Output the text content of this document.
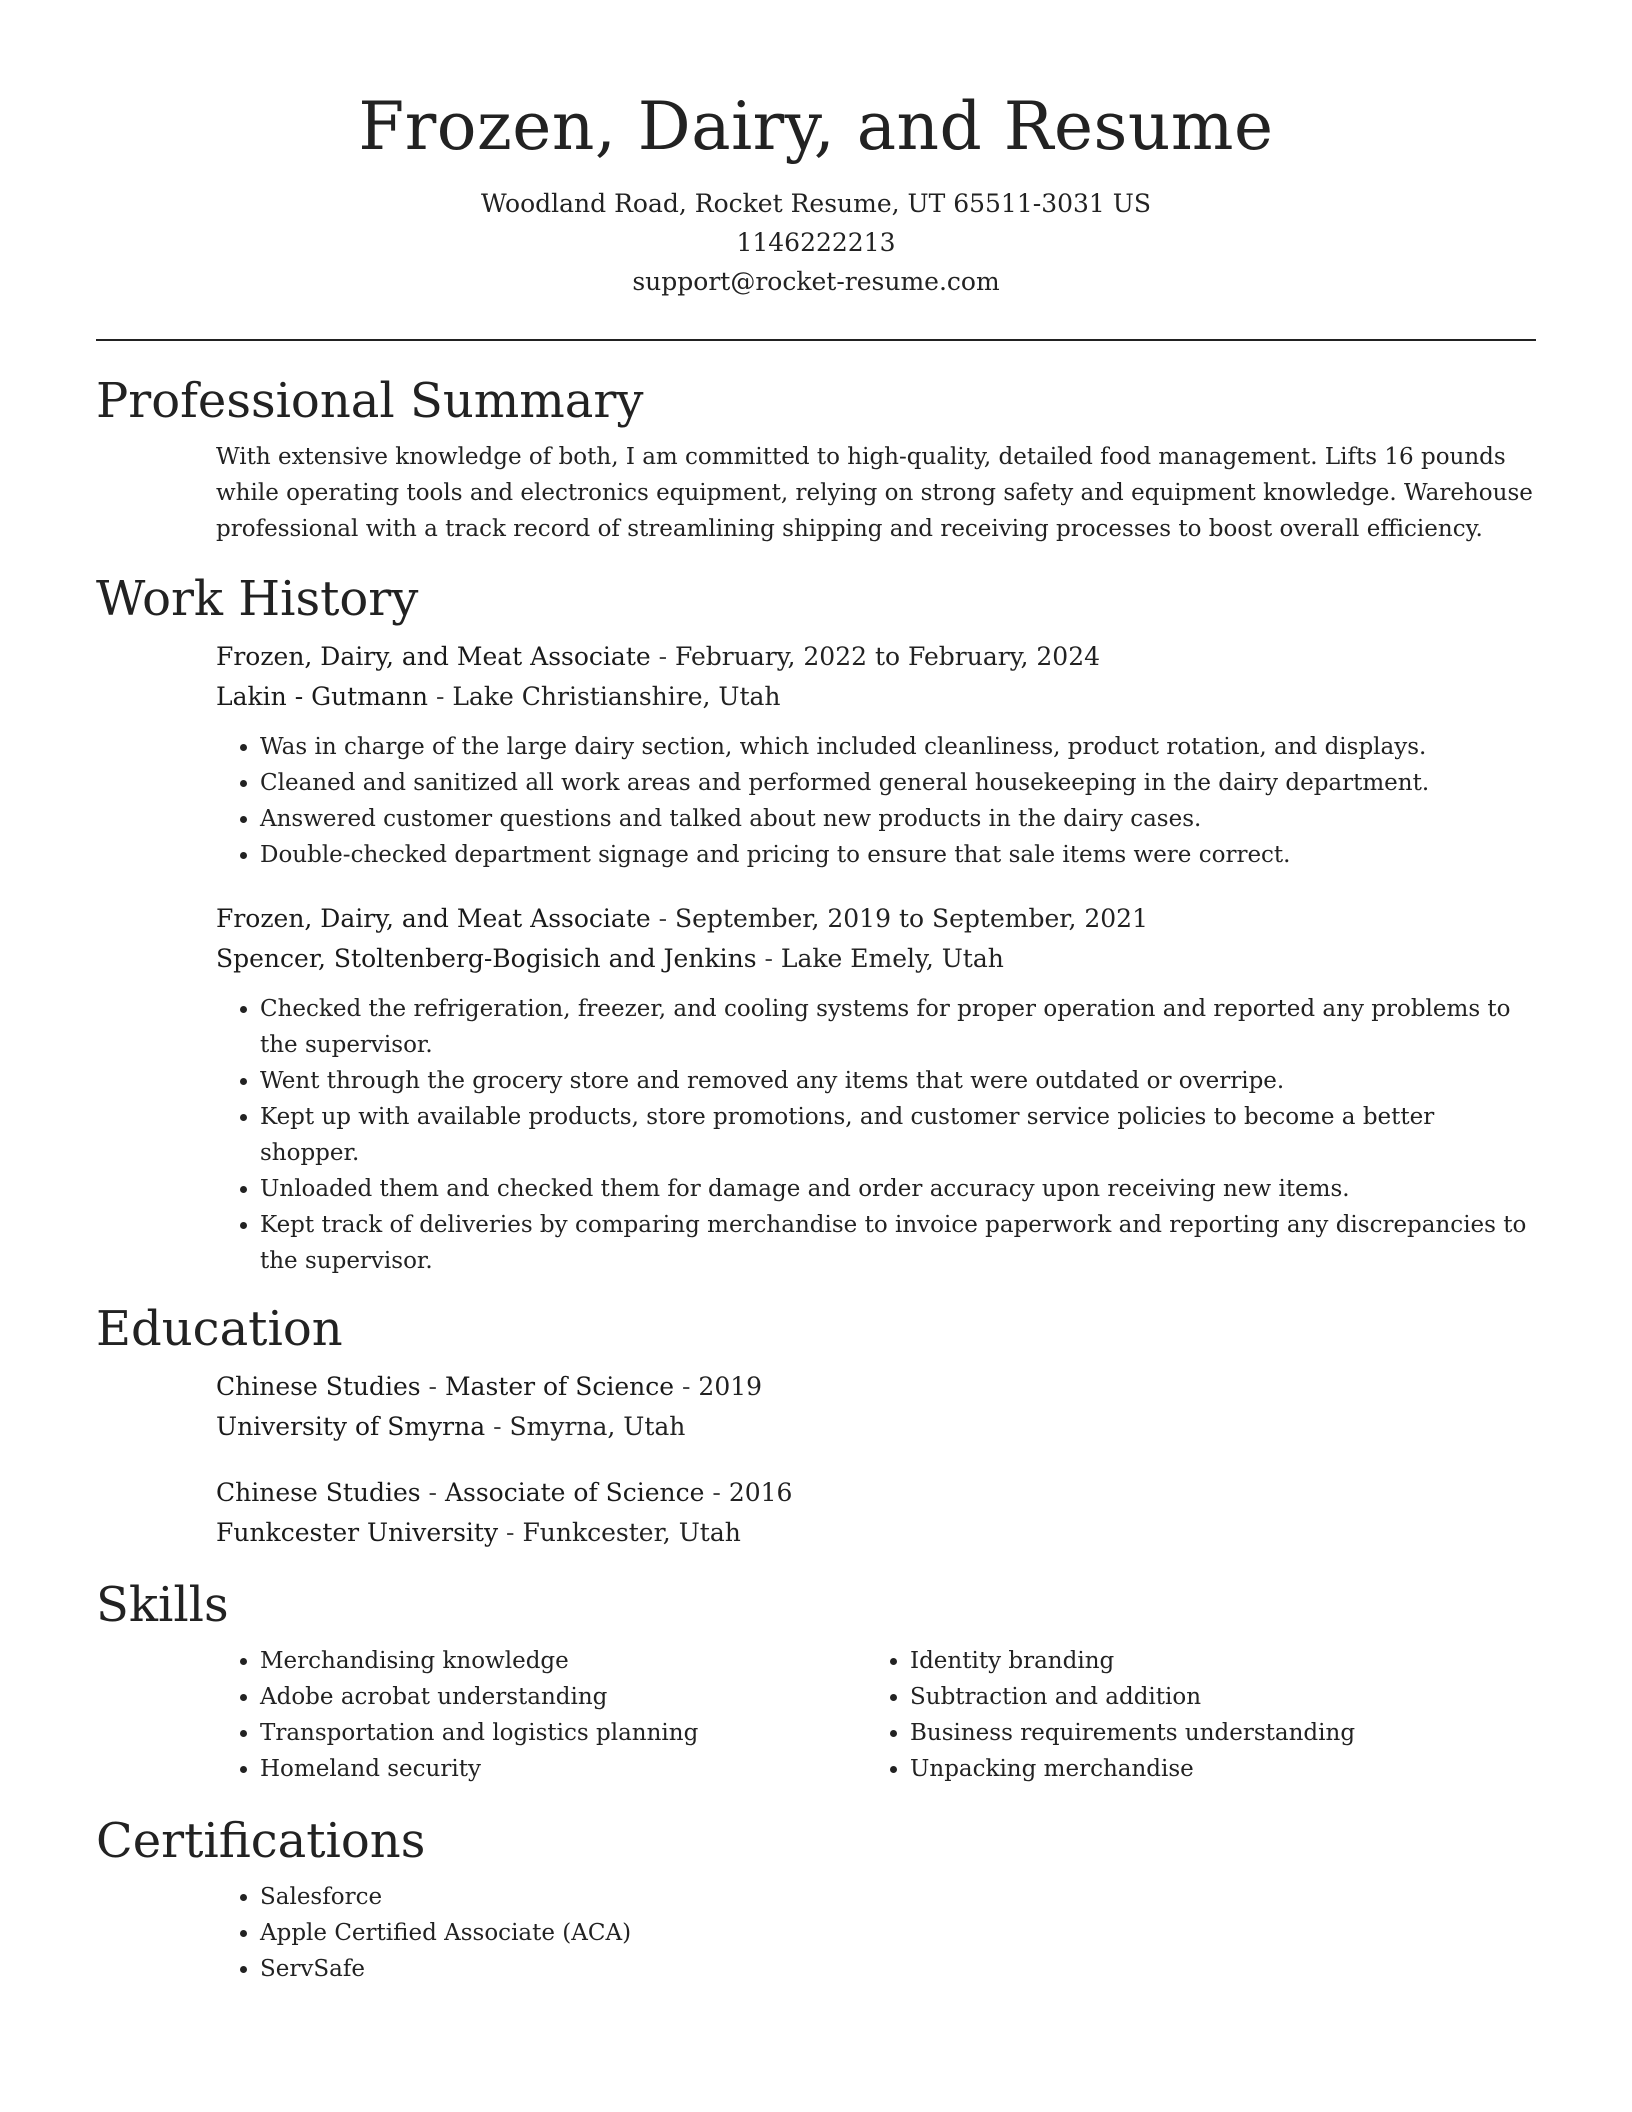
Frozen, Dairy, and Resume
Woodland Road, Rocket Resume, UT 65511-3031 US
1146222213
support@rocket-resume.com
Professional Summary
With extensive knowledge of both, I am committed to high-quality, detailed food management. Lifts 16 pounds while operating tools and electronics equipment, relying on strong safety and equipment knowledge. Warehouse professional with a track record of streamlining shipping and receiving processes to boost overall efficiency.
Work History
Frozen, Dairy, and Meat Associate - February, 2022 to February, 2024
Lakin - Gutmann - Lake Christianshire, Utah
• Was in charge of the large dairy section, which included cleanliness, product rotation, and displays.
• Cleaned and sanitized all work areas and performed general housekeeping in the dairy department.
• Answered customer questions and talked about new products in the dairy cases.
• Double-checked department signage and pricing to ensure that sale items were correct.
Frozen, Dairy, and Meat Associate - September, 2019 to September, 2021
Spencer, Stoltenberg-Bogisich and Jenkins - Lake Emely, Utah
• Checked the refrigeration, freezer, and cooling systems for proper operation and reported any problems to the supervisor.
• Went through the grocery store and removed any items that were outdated or overripe.
• Kept up with available products, store promotions, and customer service policies to become a better shopper.
• Unloaded them and checked them for damage and order accuracy upon receiving new items.
• Kept track of deliveries by comparing merchandise to invoice paperwork and reporting any discrepancies to the supervisor.
Education
Chinese Studies - Master of Science - 2019
University of Smyrna - Smyrna, Utah
Chinese Studies - Associate of Science - 2016
Funkcester University - Funkcester, Utah
Skills
• Merchandising knowledge
• Adobe acrobat understanding
• Transportation and logistics planning
• Homeland security
• Identity branding
• Subtraction and addition
• Business requirements understanding
• Unpacking merchandise
Certifications
• Salesforce
• Apple Certified Associate (ACA)
• ServSafe
